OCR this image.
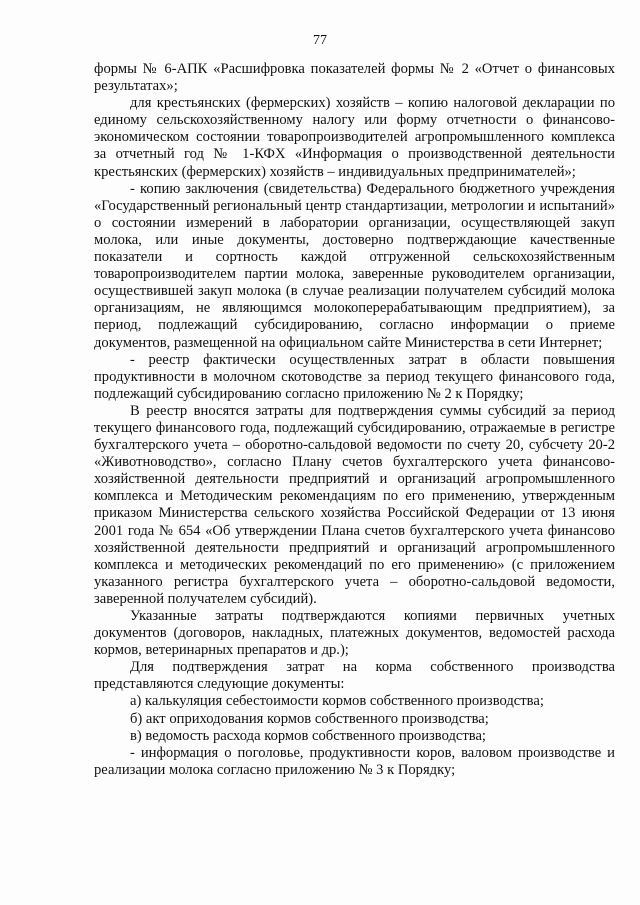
77

формы № 6-АПК «Расшифровка показателей формы № 2 «Отчет о финансовых результатах»;

для крестьянских (фермерских) хозяйств – копию налоговой декларации по единому сельскохозяйственному налогу или форму отчетности о финансово-экономическом состоянии товаропроизводителей агропромышленного комплекса за отчетный год № 1-КФХ «Информация о производственной деятельности крестьянских (фермерских) хозяйств – индивидуальных предпринимателей»;

- копию заключения (свидетельства) Федерального бюджетного учреждения «Государственный региональный центр стандартизации, метрологии и испытаний» о состоянии измерений в лаборатории организации, осуществляющей закуп молока, или иные документы, достоверно подтверждающие качественные показатели и сортность каждой отгруженной сельскохозяйственным товаропроизводителем партии молока, заверенные руководителем организации, осуществившей закуп молока (в случае реализации получателем субсидий молока организациям, не являющимся молокоперерабатывающим предприятием), за период, подлежащий субсидированию, согласно информации о приеме документов, размещенной на официальном сайте Министерства в сети Интернет;

- реестр фактически осуществленных затрат в области повышения продуктивности в молочном скотоводстве за период текущего финансового года, подлежащий субсидированию согласно приложению № 2 к Порядку;

В реестр вносятся затраты для подтверждения суммы субсидий за период текущего финансового года, подлежащий субсидированию, отражаемые в регистре бухгалтерского учета – оборотно-сальдовой ведомости по счету 20, субсчету 20-2 «Животноводство», согласно Плану счетов бухгалтерского учета финансово-хозяйственной деятельности предприятий и организаций агропромышленного комплекса и Методическим рекомендациям по его применению, утвержденным приказом Министерства сельского хозяйства Российской Федерации от 13 июня 2001 года № 654 «Об утверждении Плана счетов бухгалтерского учета финансово хозяйственной деятельности предприятий и организаций агропромышленного комплекса и методических рекомендаций по его применению» (с приложением указанного регистра бухгалтерского учета – оборотно-сальдовой ведомости, заверенной получателем субсидий).

Указанные затраты подтверждаются копиями первичных учетных документов (договоров, накладных, платежных документов, ведомостей расхода кормов, ветеринарных препаратов и др.);

Для подтверждения затрат на корма собственного производства представляются следующие документы:

а) калькуляция себестоимости кормов собственного производства;

б) акт оприходования кормов собственного производства;

в) ведомость расхода кормов собственного производства;

- информация о поголовье, продуктивности коров, валовом производстве и реализации молока согласно приложению № 3 к Порядку;
